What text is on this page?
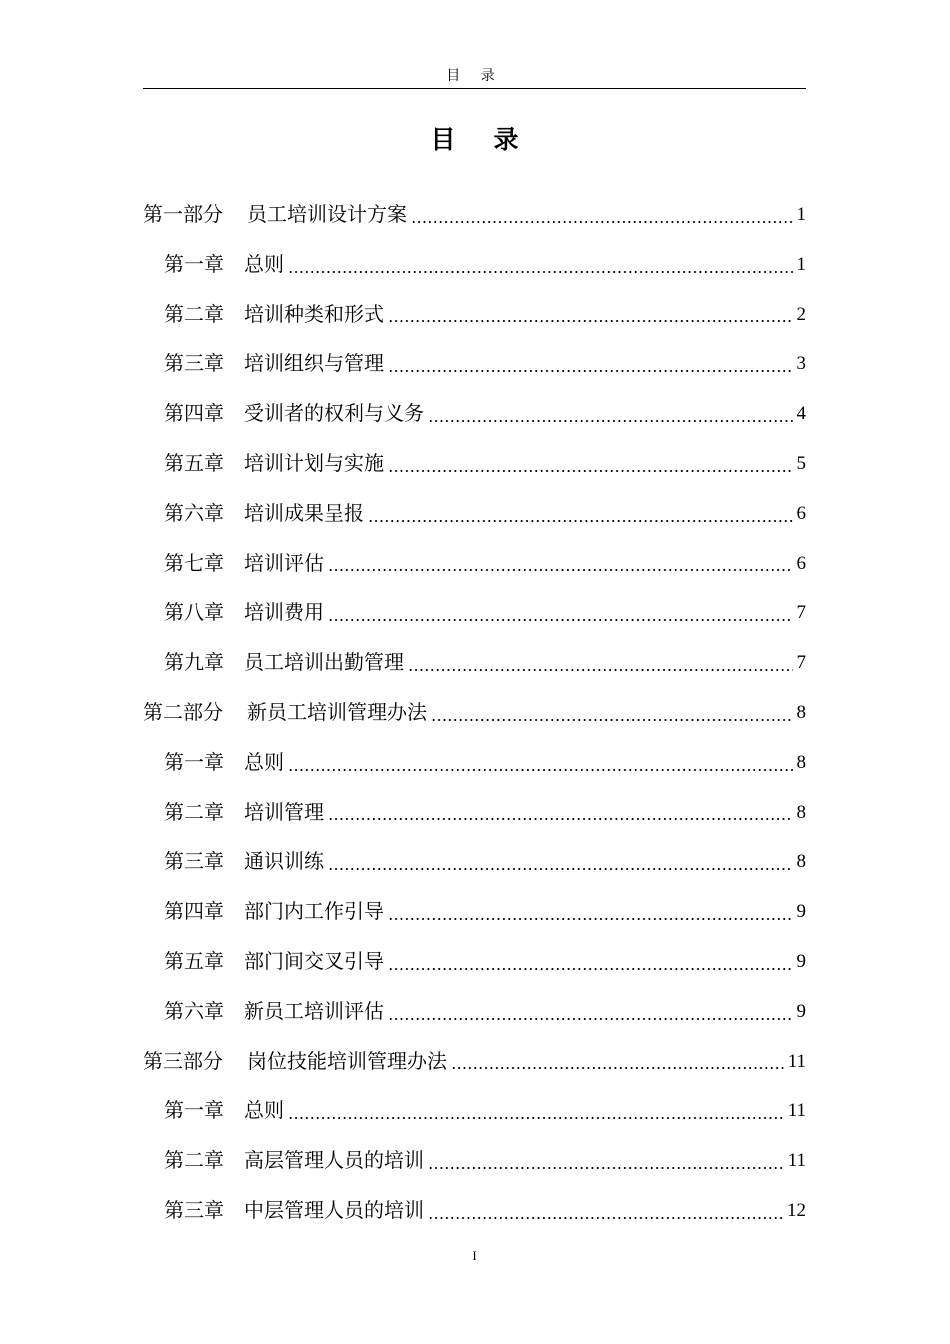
目 录
目录
第一部分 员工培训设计方案	1
第一章 总则	1
第二章 培训种类和形式	2
第三章 培训组织与管理	3
第四章 受训者的权利与义务	4
第五章 培训计划与实施	5
第六章 培训成果呈报	6
第七章 培训评估	6
第八章 培训费用	7
第九章 员工培训出勤管理	7
第二部分 新员工培训管理办法	8
第一章 总则	8
第二章 培训管理	8
第三章 通识训练	8
第四章 部门内工作引导	9
第五章 部门间交叉引导	9
第六章 新员工培训评估	9
第三部分 岗位技能培训管理办法	11
第一章 总则	11
第二章 高层管理人员的培训	11
第三章 中层管理人员的培训	12
I
